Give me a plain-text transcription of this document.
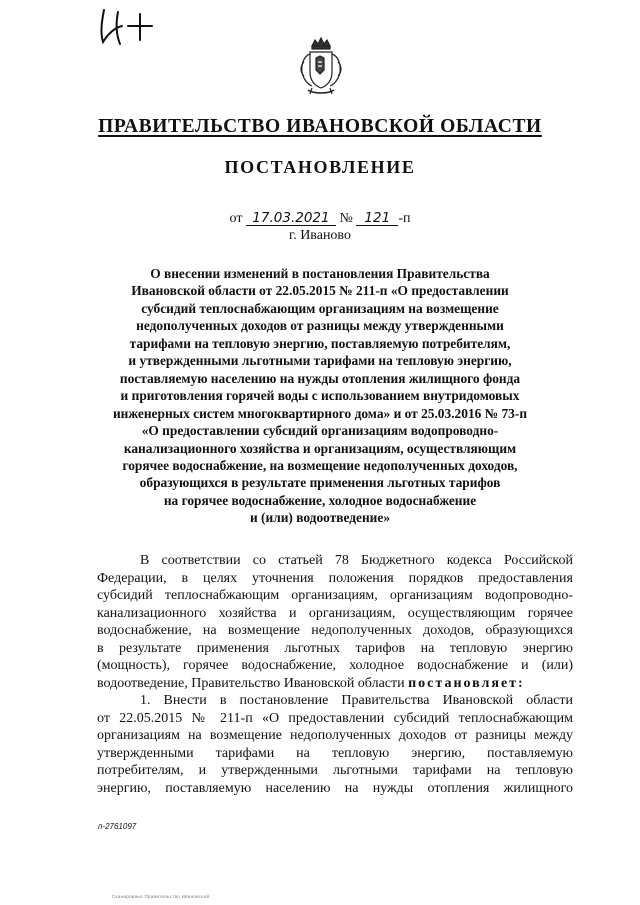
ПРАВИТЕЛЬСТВО ИВАНОВСКОЙ ОБЛАСТИ
ПОСТАНОВЛЕНИЕ
от 17.03.2021 № 121 -п
г. Иваново
О внесении изменений в постановления Правительства
Ивановской области от 22.05.2015 № 211-п «О предоставлении
субсидий теплоснабжающим организациям на возмещение
недополученных доходов от разницы между утвержденными
тарифами на тепловую энергию, поставляемую потребителям,
и утвержденными льготными тарифами на тепловую энергию,
поставляемую населению на нужды отопления жилищного фонда
и приготовления горячей воды с использованием внутридомовых
инженерных систем многоквартирного дома» и от 25.03.2016 № 73-п
«О предоставлении субсидий организациям водопроводно-
канализационного хозяйства и организациям, осуществляющим
горячее водоснабжение, на возмещение недополученных доходов,
образующихся в результате применения льготных тарифов
на горячее водоснабжение, холодное водоснабжение
и (или) водоотведение»
В соответствии со статьей 78 Бюджетного кодекса Российской
Федерации, в целях уточнения положения порядков предоставления
субсидий теплоснабжающим организациям, организациям водопроводно-
канализационного хозяйства и организациям, осуществляющим горячее
водоснабжение, на возмещение недополученных доходов, образующихся
в результате применения льготных тарифов на тепловую энергию
(мощность), горячее водоснабжение, холодное водоснабжение и (или)
водоотведение, Правительство Ивановской области постановляет:
1. Внести в постановление Правительства Ивановской области
от 22.05.2015 № 211-п «О предоставлении субсидий теплоснабжающим
организациям на возмещение недополученных доходов от разницы между
утвержденными тарифами на тепловую энергию, поставляемую
потребителям, и утвержденными льготными тарифами на тепловую
энергию, поставляемую населению на нужды отопления жилищного
п-2761097
Сканировано Правительство Ивановской
